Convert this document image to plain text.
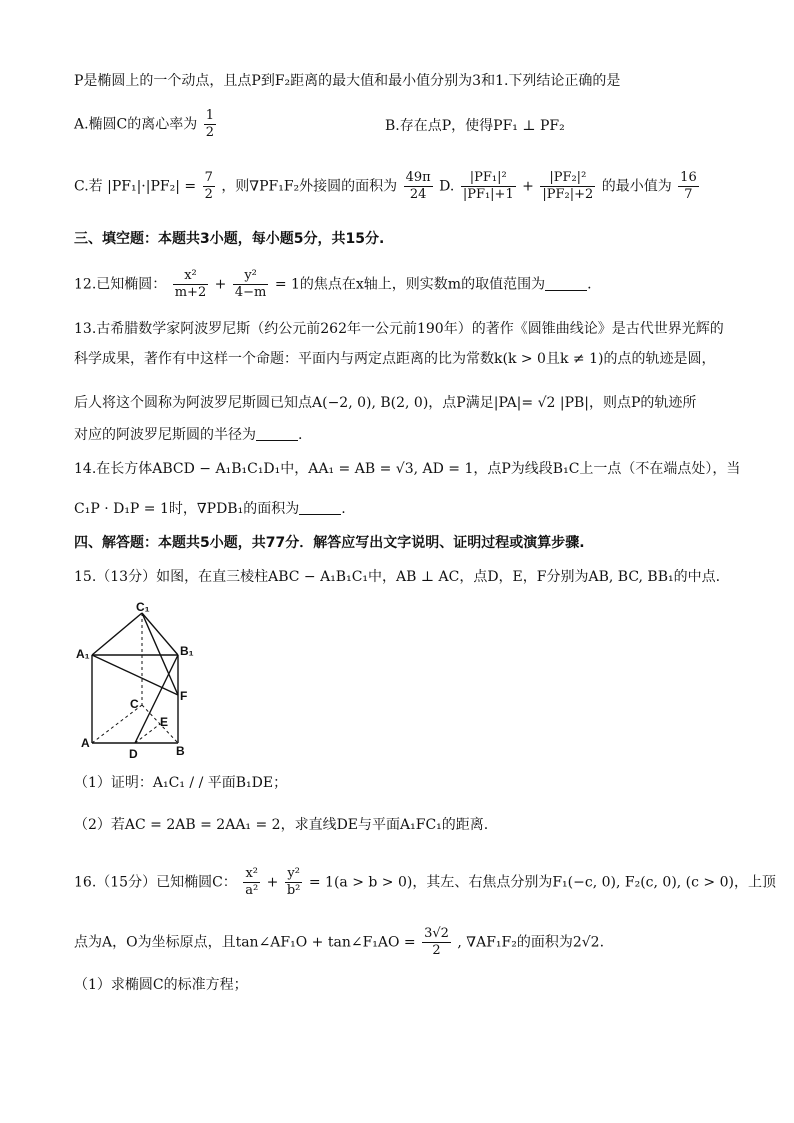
P是椭圆上的一个动点，且点P到F₂距离的最大值和最小值分别为3和1.下列结论正确的是
A.椭圆C的离心率为 $\frac{1}{2}$	B.存在点P，使得PF₁ ⊥ PF₂
C.若 $|PF_1|\cdot|PF_2| = \frac{7}{2}$ ，则∇PF₁F₂外接圆的面积为 $\frac{49\pi}{24} D$. $\frac{\text{|PF₁|²}}{\text{|PF₁|+1}} + \frac{\text{|PF₂|²}}{\text{|PF₂|+2}}$ 的最小值为 $\frac{16}{7}$
三、填空题：本题共3小题，每小题5分，共15分.
12.已知椭圆： $\frac{\text{x²}}{m+2} + \frac{\text{y²}}{4-m} = 1$的焦点在x轴上，则实数m的取值范围为	.
13.古希腊数学家阿波罗尼斯（约公元前262年一公元前190年）的著作《圆锥曲线论》是古代世界光辉的
科学成果，著作有中这样一个命题：平面内与两定点距离的比为常数k(k > 0且k ≠ 1)的点的轨迹是圆，
后人将这个圆称为阿波罗尼斯圆已知点A(−2, 0), B(2, 0)，点P满足|PA|= √2 |PB|，则点P的轨迹所
对应的阿波罗尼斯圆的半径为	.
14.在长方体ABCD − A₁B₁C₁D₁中，AA₁ = AB = √3, AD = 1，点P为线段B₁C上一点（不在端点处），当
C₁P · D₁P = 1时，∇PDB₁的面积为	.
四、解答题：本题共5小题，共77分．解答应写出文字说明、证明过程或演算步骤.
15.（13分）如图，在直三棱柱ABC − A₁B₁C₁中，AB ⊥ AC，点D，E，F分别为AB, BC, BB₁的中点.
C₁
A₁	B₁
F
C
E
A
D	B
（1）证明：A₁C₁ / / 平面B₁DE；
（2）若AC = 2AB = 2AA₁ = 2，求直线DE与平面A₁FC₁的距离.
16.（15分）已知椭圆C： $\frac{\text{x²}}{\text{a²}} + \frac{\text{y²}}{\text{b²}} = 1(a > b > 0)$，其左、右焦点分别为F₁(−c, 0), F₂(c, 0), (c > 0)，上顶
点为A，O为坐标原点，且tan∠AF₁O + tan∠F₁AO = $\frac{3√2}{2}$ , ∇AF₁F₂的面积为2√2.
（1）求椭圆C的标准方程；
